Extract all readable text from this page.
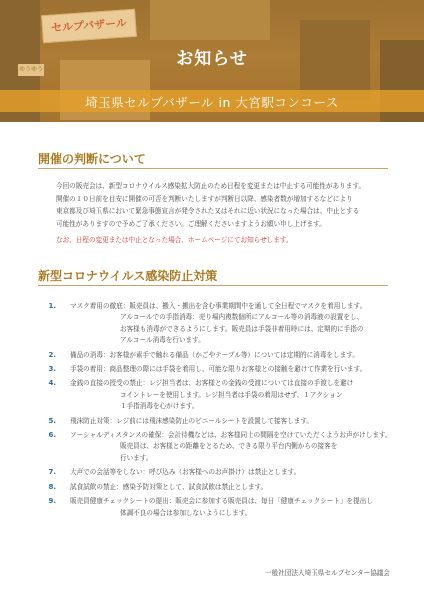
セルプバザール
ゆうゆう
お知らせ
埼玉県セルプバザール in 大宮駅コンコース
開催の判断について
今回の販売会は、新型コロナウイルス感染拡大防止のため日程を変更または中止する可能性があります。
開催の１０日前を目安に開催の可否を判断いたしますが判断日以降、感染者数が増加するなどにより
東京都及び埼玉県において緊急事態宣言が発令された又はそれに近い状況になった場合は、中止とする
可能性がありますので予めご了承ください。ご理解くださいますようお願い申し上げます。
なお、日程の変更または中止となった場合、ホームページにてお知らせします。
新型コロナウイルス感染防止対策
1. マスク着用の徹底：販売員は、搬入・搬出を含む事業期間中を通して全日程でマスクを着用します。
アルコールでの手指消毒：売り場内複数個所にアルコール等の消毒液の設置をし、
お客様も消毒ができるようにします。販売員は手袋非着用時には、定期的に手指の
アルコール消毒を行います。
2. 備品の消毒：お客様が素手で触れる備品（かごやテーブル等）については定期的に消毒をします。
3. 手袋の着用：商品整理の際には手袋を着用し、可能な限りお客様との接触を避けて作業を行います。
4. 金銭の直接の授受の禁止：レジ担当者は、お客様との金銭の受渡については直接の手渡しを避け
コイントレーを使用します。レジ担当者は手袋の着用はせず、１アクション
１手指消毒を心がけます。
5. 飛沫防止対策：レジ前には飛沫感染防止のビニールシートを設置して接客します。
6. ソーシャルディスタンスの確保：会計待機などは、お客様同士の間隔を空けていただくようお声がけします。
販売員は、お客様との距離をとるため、できる限り平台内側からの接客を
行います。
7. 大声での会話等をしない：呼び込み（お客様へのお声掛け）は禁止とします。
8. 試食試飲の禁止：感染予防対策として、試食試飲は禁止とします。
9. 販売員健康チェックシートの提出：販売会に参加する販売員は、毎日「健康チェックシート」を提出し
体調不良の場合は参加しないようにします。
一般社団法人埼玉県セルプセンター協議会
